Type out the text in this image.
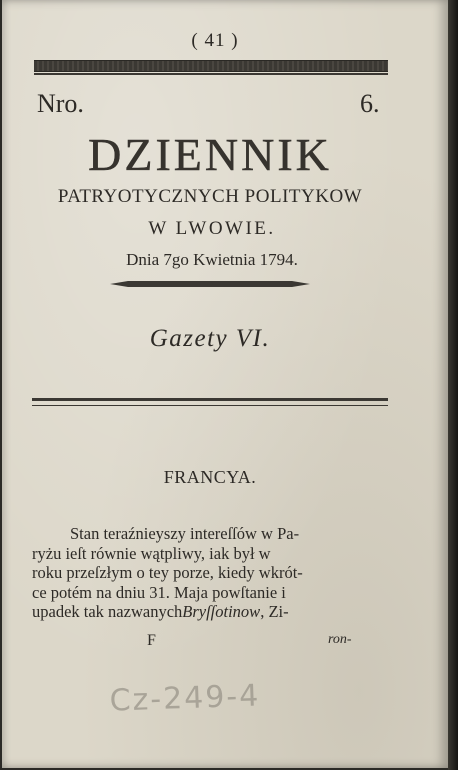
( 41 )
Nro.	6.
DZIENNIK
PATRYOTYCZNYCH POLITYKOW
W LWOWIE.
Dnia 7go Kwietnia 1794.
Gazety VI.
FRANCYA.
Stan teraźnieyszy intereſſów w Pa-
ryżu ieſt równie wątpliwy, iak był w
roku przeſzłym o tey porze, kiedy wkrót-
ce potém na dniu 31. Maja powſtanie i
upadek tak nazwanychBryſſotinow, Zi-
F	ron-
Cz-249-4
